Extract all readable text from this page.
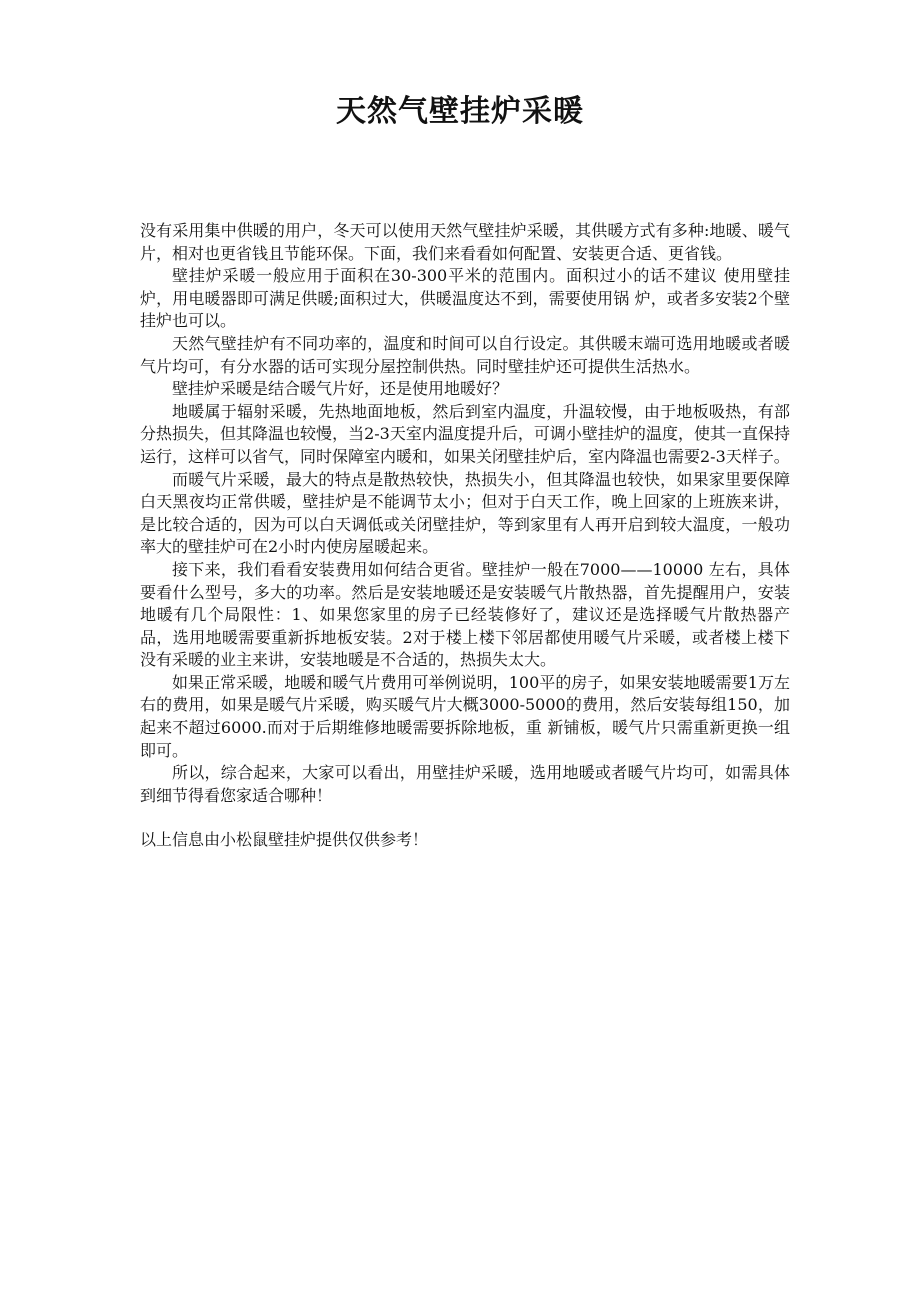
天然气壁挂炉采暖

没有采用集中供暖的用户，冬天可以使用天然气壁挂炉采暖，其供暖方式有多种:地暖、暖气片，相对也更省钱且节能环保。下面，我们来看看如何配置、安装更合适、更省钱。

壁挂炉采暖一般应用于面积在30-300平米的范围内。面积过小的话不建议 使用壁挂炉，用电暖器即可满足供暖;面积过大，供暖温度达不到，需要使用锅 炉，或者多安装2个壁挂炉也可以。

天然气壁挂炉有不同功率的，温度和时间可以自行设定。其供暖末端可选用地暖或者暖气片均可，有分水器的话可实现分屋控制供热。同时壁挂炉还可提供生活热水。

壁挂炉采暖是结合暖气片好，还是使用地暖好？

地暖属于辐射采暖，先热地面地板，然后到室内温度，升温较慢，由于地板吸热，有部分热损失，但其降温也较慢，当2-3天室内温度提升后，可调小壁挂炉的温度，使其一直保持运行，这样可以省气，同时保障室内暖和，如果关闭壁挂炉后，室内降温也需要2-3天样子。

而暖气片采暖，最大的特点是散热较快，热损失小，但其降温也较快，如果家里要保障白天黑夜均正常供暖，壁挂炉是不能调节太小；但对于白天工作，晚上回家的上班族来讲，是比较合适的，因为可以白天调低或关闭壁挂炉，等到家里有人再开启到较大温度，一般功率大的壁挂炉可在2小时内使房屋暖起来。

接下来，我们看看安装费用如何结合更省。壁挂炉一般在7000——10000 左右，具体要看什么型号，多大的功率。然后是安装地暖还是安装暖气片散热器，首先提醒用户，安装地暖有几个局限性：1、如果您家里的房子已经装修好了，建议还是选择暖气片散热器产品，选用地暖需要重新拆地板安装。2对于楼上楼下邻居都使用暖气片采暖，或者楼上楼下没有采暖的业主来讲，安装地暖是不合适的，热损失太大。

如果正常采暖，地暖和暖气片费用可举例说明，100平的房子，如果安装地暖需要1万左右的费用，如果是暖气片采暖，购买暖气片大概3000-5000的费用，然后安装每组150，加起来不超过6000.而对于后期维修地暖需要拆除地板，重 新铺板，暖气片只需重新更换一组即可。

所以，综合起来，大家可以看出，用壁挂炉采暖，选用地暖或者暖气片均可，如需具体到细节得看您家适合哪种！

以上信息由小松鼠壁挂炉提供仅供参考！
